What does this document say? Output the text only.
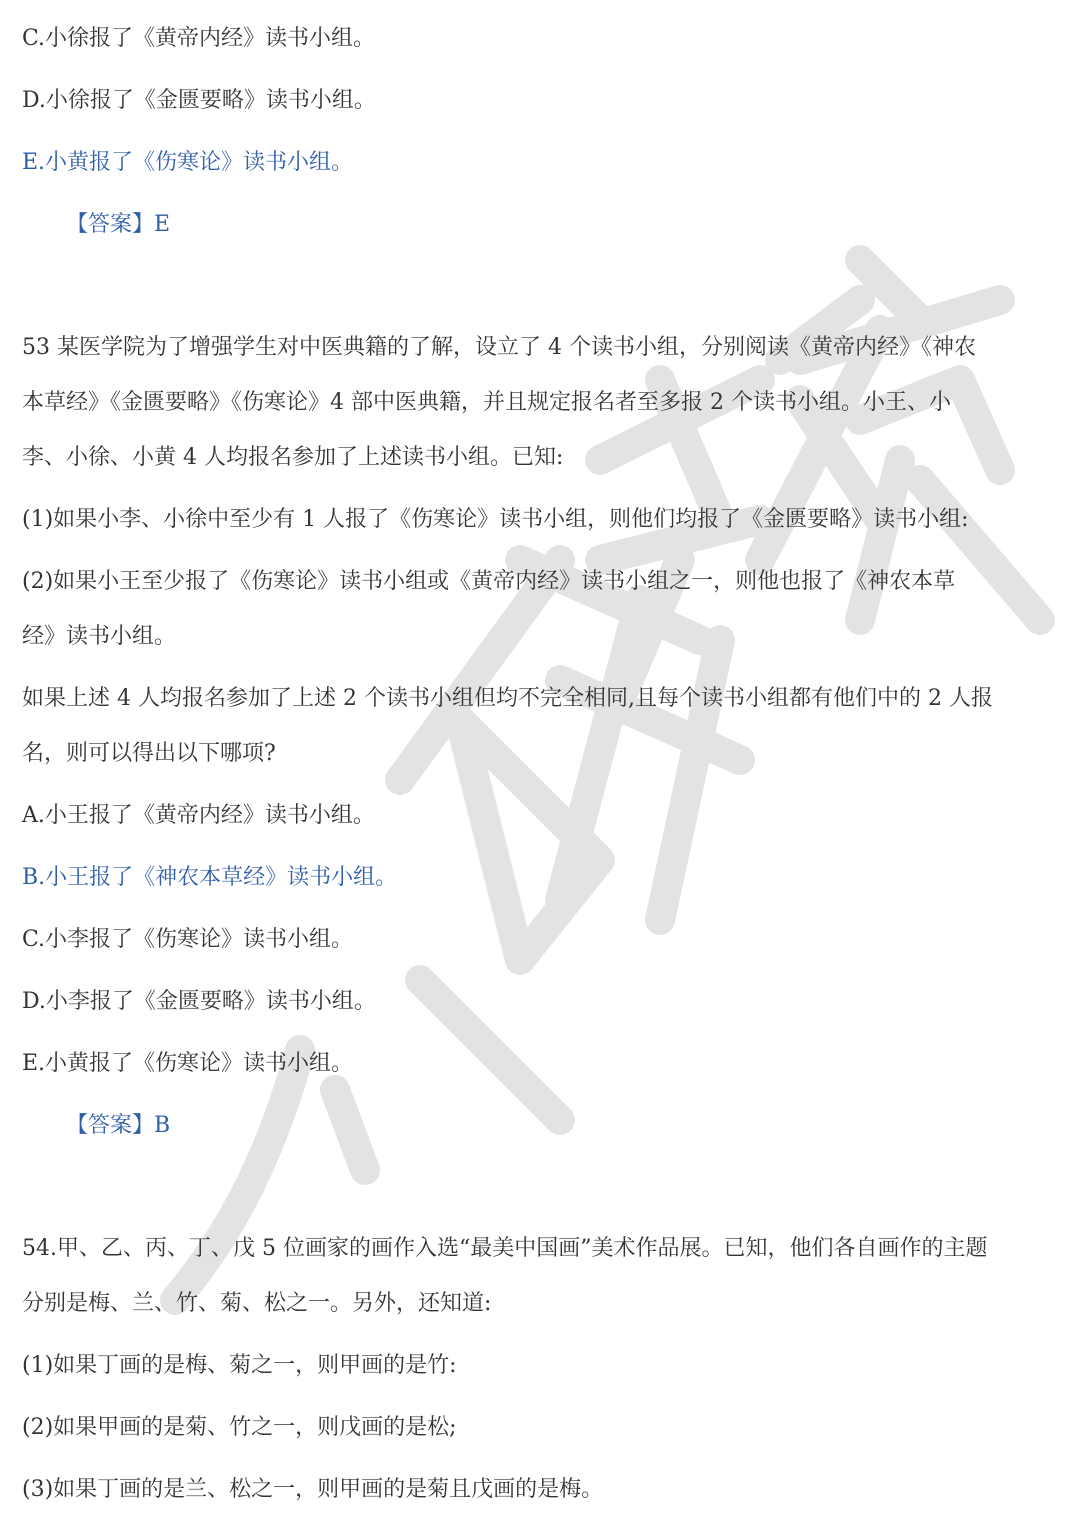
C.小徐报了《黄帝内经》读书小组。
D.小徐报了《金匮要略》读书小组。
E.小黄报了《伤寒论》读书小组。
【答案】E
53 某医学院为了增强学生对中医典籍的了解，设立了 4 个读书小组，分别阅读《黄帝内经》《神农
本草经》《金匮要略》《伤寒论》4 部中医典籍，并且规定报名者至多报 2 个读书小组。小王、小
李、小徐、小黄 4 人均报名参加了上述读书小组。已知:
(1)如果小李、小徐中至少有 1 人报了《伤寒论》读书小组，则他们均报了《金匮要略》读书小组:
(2)如果小王至少报了《伤寒论》读书小组或《黄帝内经》读书小组之一，则他也报了《神农本草
经》读书小组。
如果上述 4 人均报名参加了上述 2 个读书小组但均不完全相同,且每个读书小组都有他们中的 2 人报
名，则可以得出以下哪项?
A.小王报了《黄帝内经》读书小组。
B.小王报了《神农本草经》读书小组。
C.小李报了《伤寒论》读书小组。
D.小李报了《金匮要略》读书小组。
E.小黄报了《伤寒论》读书小组。
【答案】B
54.甲、乙、丙、丁、戊 5 位画家的画作入选“最美中国画”美术作品展。已知，他们各自画作的主题
分别是梅、兰、竹、菊、松之一。另外，还知道:
(1)如果丁画的是梅、菊之一，则甲画的是竹:
(2)如果甲画的是菊、竹之一，则戊画的是松;
(3)如果丁画的是兰、松之一，则甲画的是菊且戊画的是梅。
